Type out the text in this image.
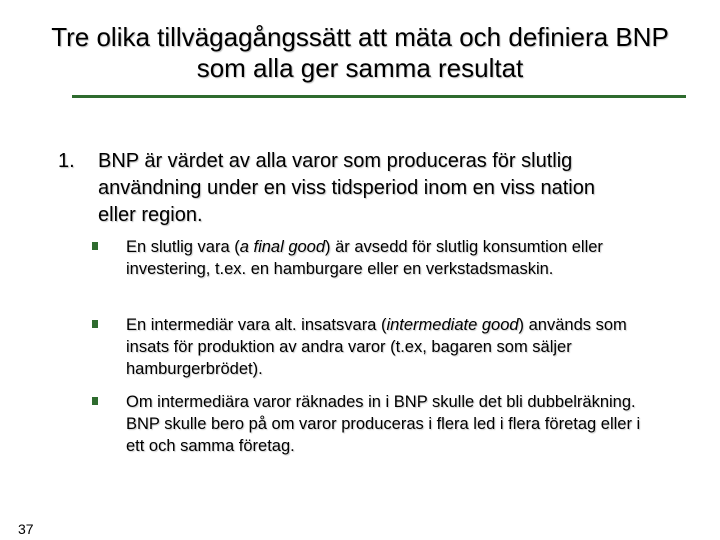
Tre olika tillvägagångssätt att mäta och definiera BNP som alla ger samma resultat
1. BNP är värdet av alla varor som produceras för slutlig användning under en viss tidsperiod inom en viss nation eller region.
En slutlig vara (a final good) är avsedd för slutlig konsumtion eller investering, t.ex. en hamburgare eller en verkstadsmaskin.
En intermediär vara alt. insatsvara (intermediate good) används som insats för produktion av andra varor (t.ex, bagaren som säljer hamburgerbrödet).
Om intermediära varor räknades in i BNP skulle det bli dubbelräkning. BNP skulle bero på om varor produceras i flera led i flera företag eller i ett och samma företag.
37
